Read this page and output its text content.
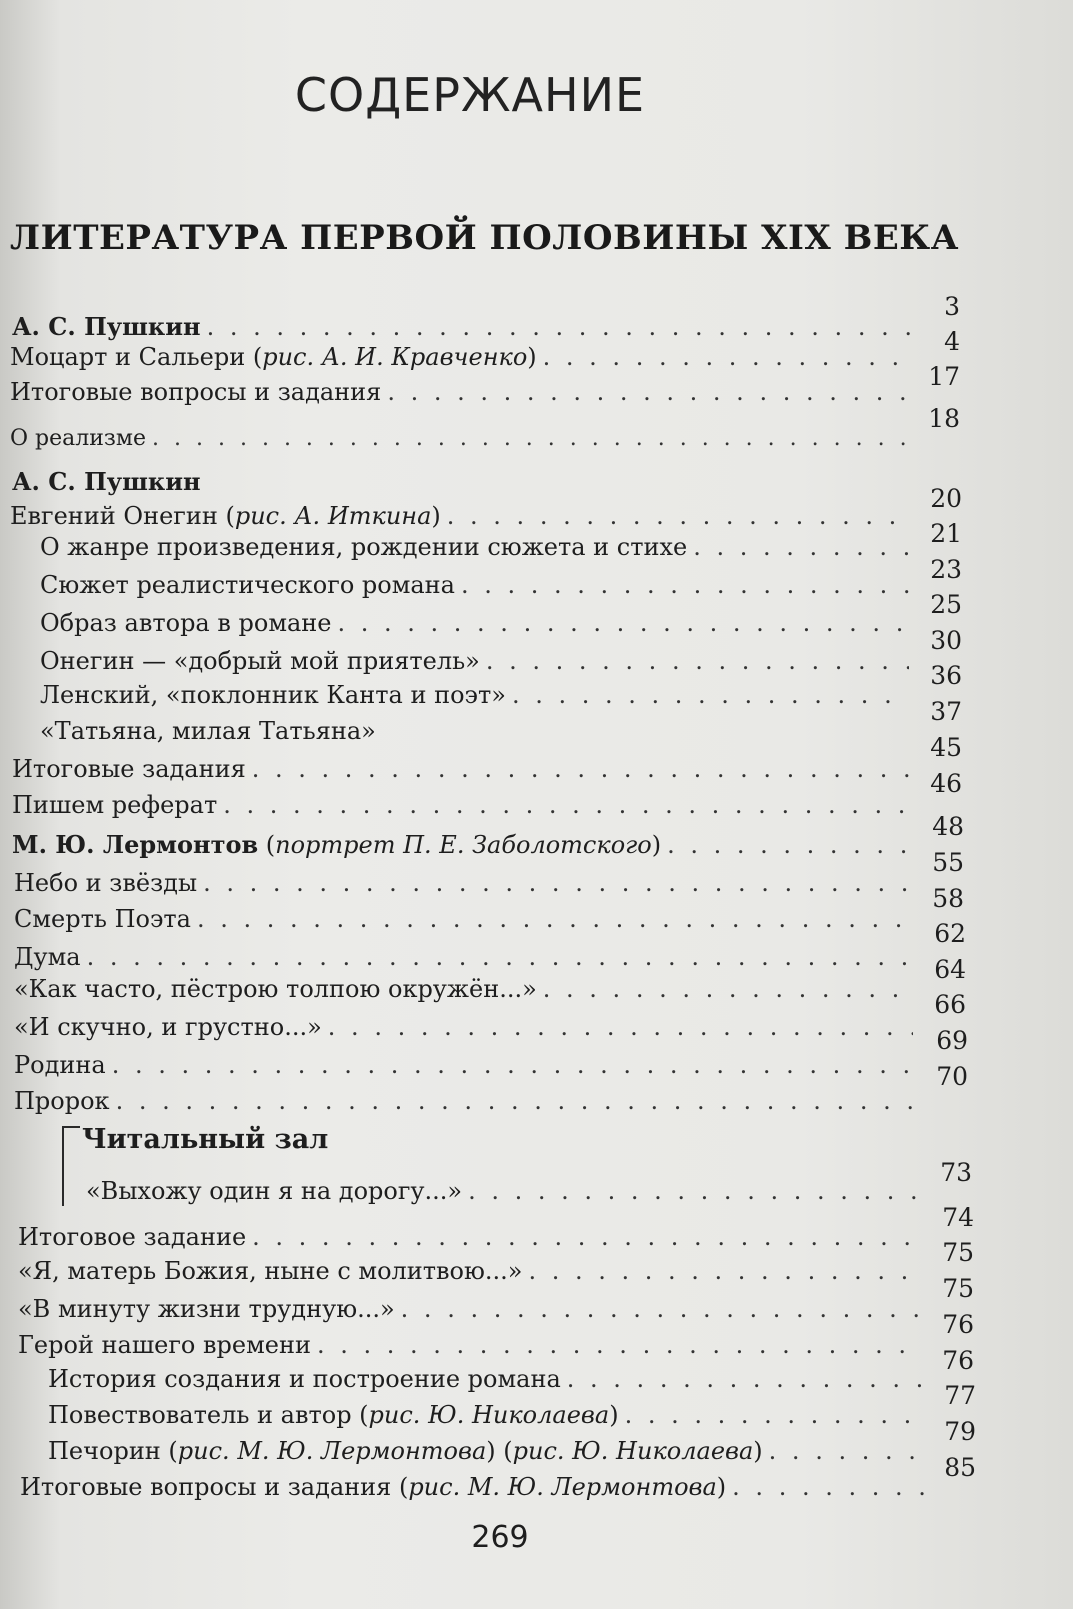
СОДЕРЖАНИЕ
ЛИТЕРАТУРА ПЕРВОЙ ПОЛОВИНЫ XIX ВЕКА
А. С. Пушкин
. . .
Моцарт и Сальери (рис. А. И. Кравченко)
. . .
Итоговые вопросы и задания
. . .
О реализме
. . .
А. С. Пушкин
Евгений Онегин (рис. А. Иткина)
. . .
О жанре произведения, рождении сюжета и стихе
. . .
Сюжет реалистического романа
. . .
Образ автора в романе
. . .
Онегин — «добрый мой приятель»
. . .
Ленский, «поклонник Канта и поэт»
. . .
«Татьяна, милая Татьяна»
Итоговые задания
. . .
Пишем реферат
. . .
М. Ю. Лермонтов (портрет П. Е. Заболотского)
. . .
Небо и звёзды
. . .
Смерть Поэта
. . .
Дума
. . .
«Как часто, пёстрою толпою окружён...»
. . .
«И скучно, и грустно...»
. . .
Родина
. . .
Пророк
. . .
Читальный зал
«Выхожу один я на дорогу...»
. . .
Итоговое задание
. . .
«Я, матерь Божия, ныне с молитвою...»
. . .
«В минуту жизни трудную...»
. . .
Герой нашего времени
. . .
История создания и построение романа
. . .
Повествователь и автор (рис. Ю. Николаева)
. . .
Печорин (рис. М. Ю. Лермонтова) (рис. Ю. Николаева)
. . .
Итоговые вопросы и задания (рис. М. Ю. Лермонтова)
. . .
3
4
17
18
20
21
23
25
30
36
37
45
46
48
55
58
62
64
66
69
70
73
74
75
75
76
76
77
79
85
269
